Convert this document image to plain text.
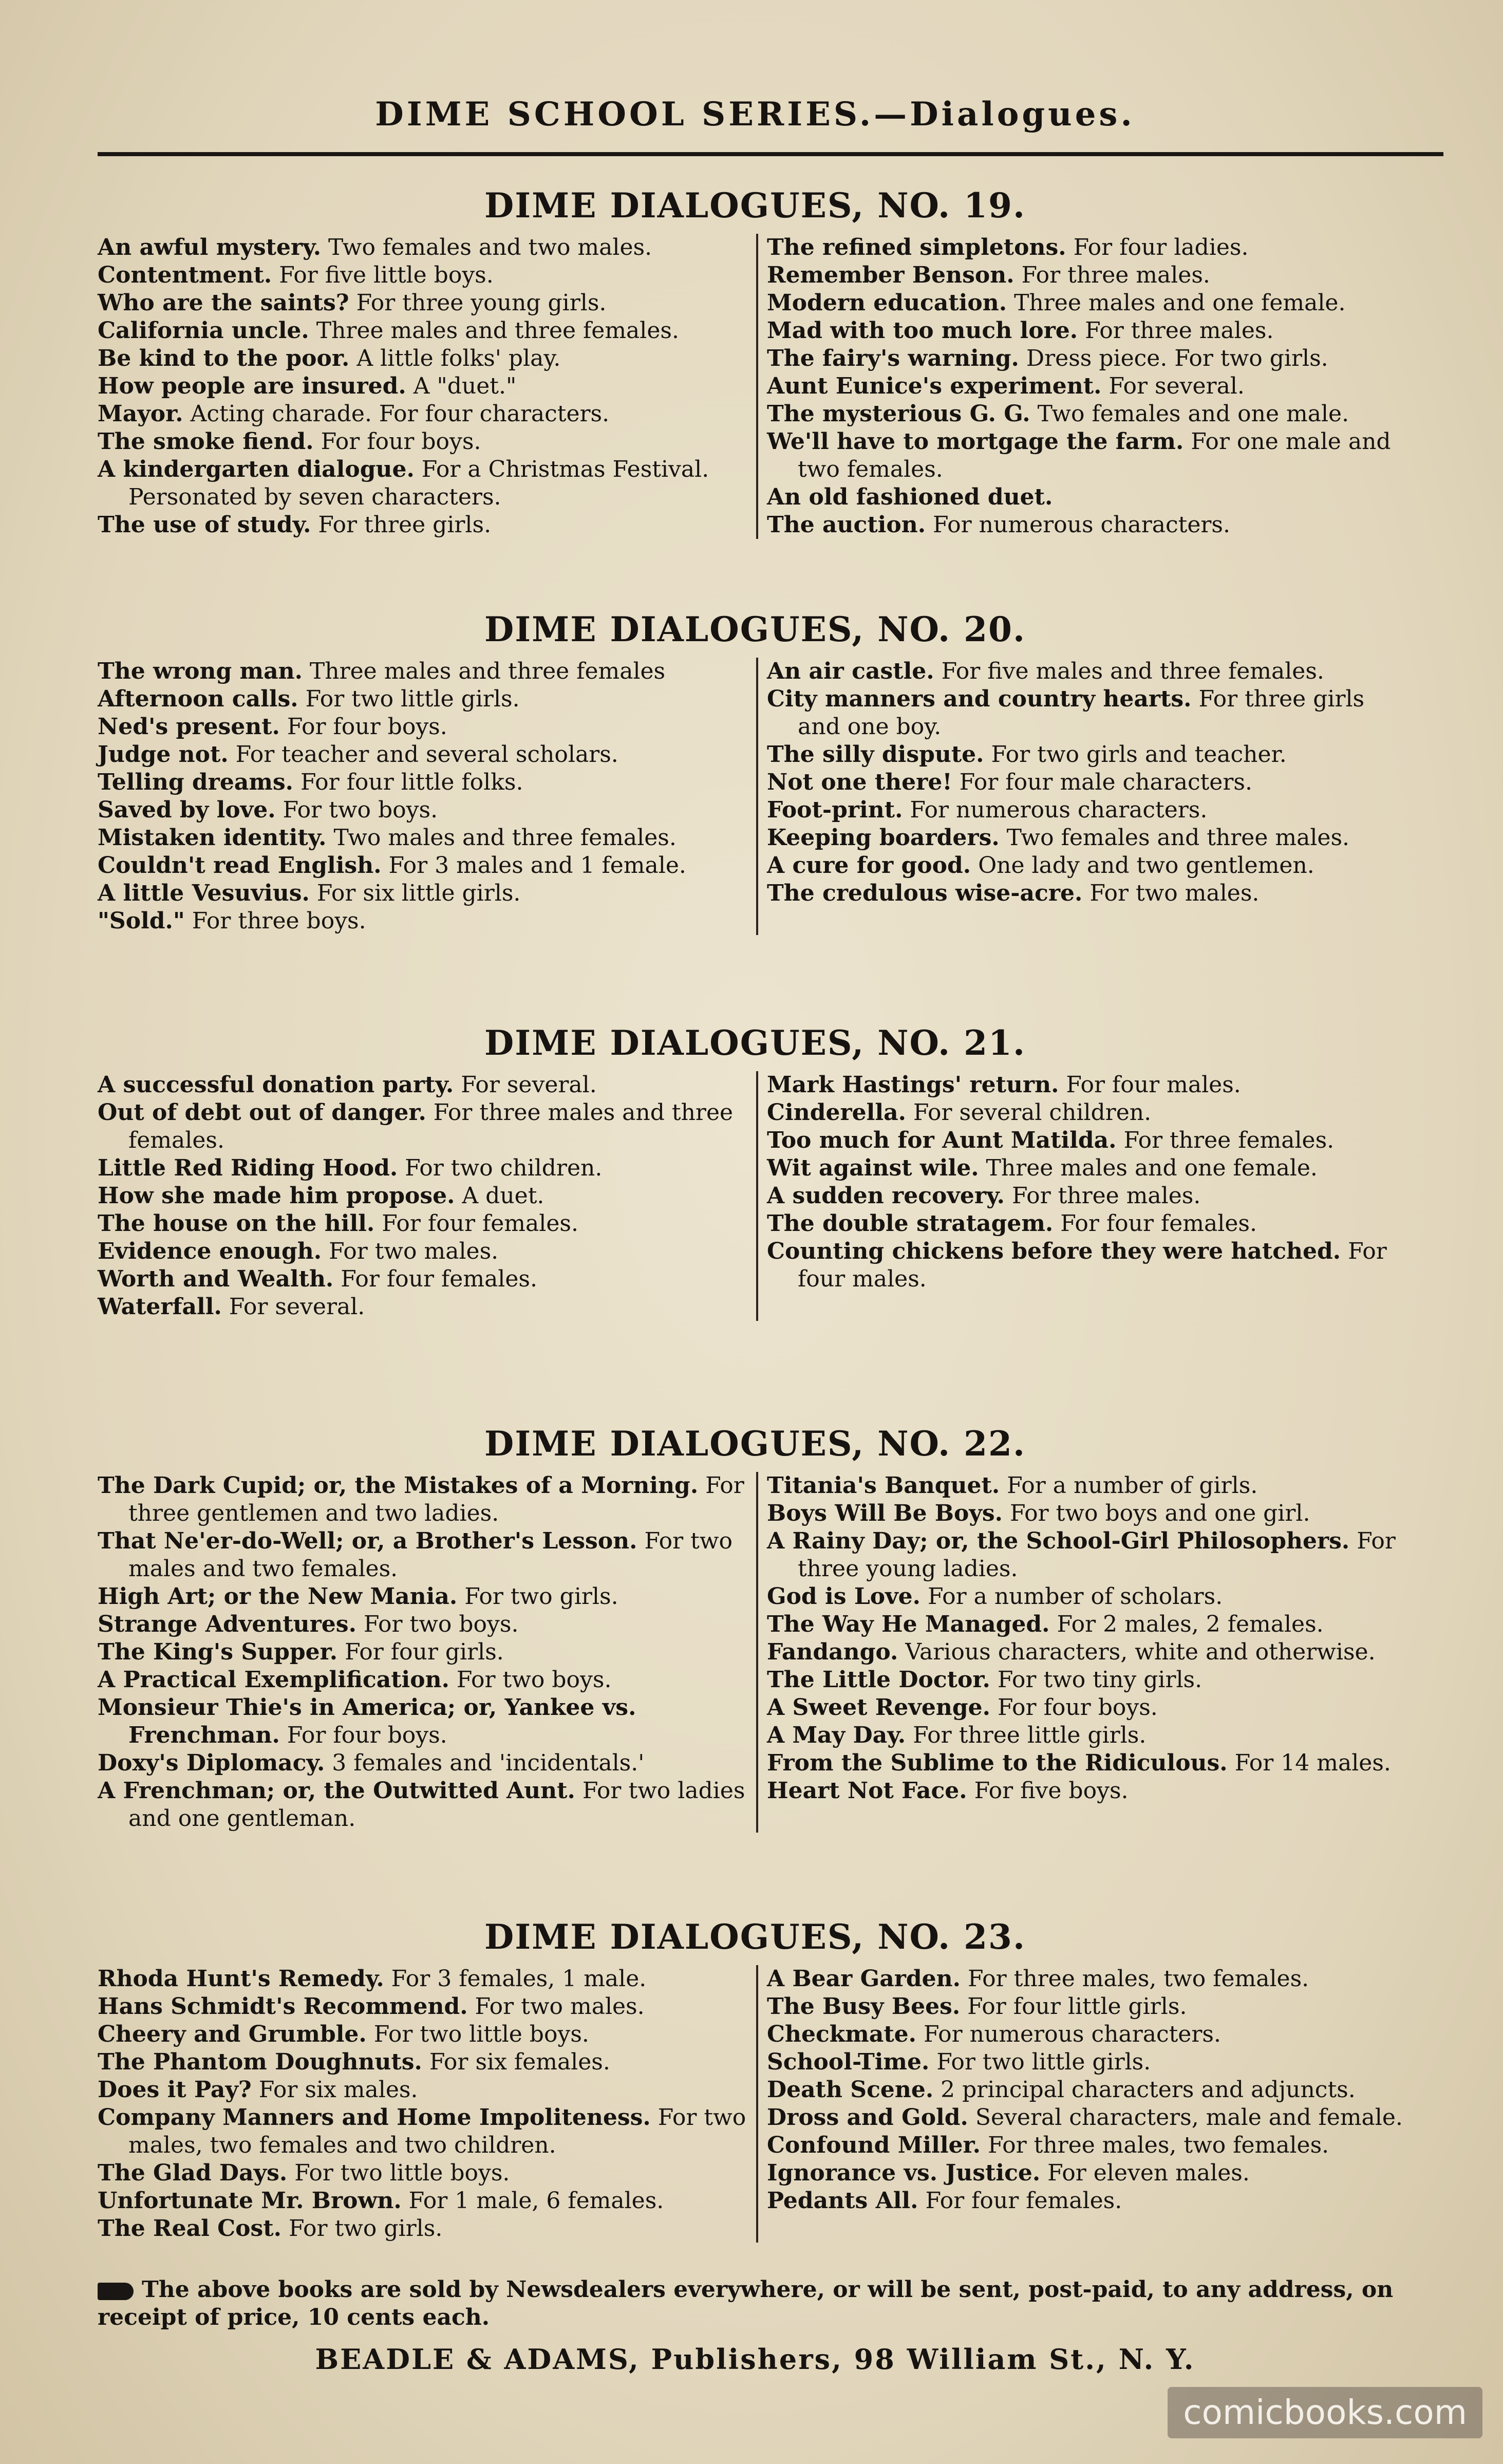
DIME SCHOOL SERIES.—Dialogues.
DIME DIALOGUES, NO. 19.
An awful mystery. Two females and two males.
Contentment. For five little boys.
Who are the saints? For three young girls.
California uncle. Three males and three females.
Be kind to the poor. A little folks' play.
How people are insured. A "duet."
Mayor. Acting charade. For four characters.
The smoke fiend. For four boys.
A kindergarten dialogue. For a Christmas Festival. Personated by seven characters.
The use of study. For three girls.
The refined simpletons. For four ladies.
Remember Benson. For three males.
Modern education. Three males and one female.
Mad with too much lore. For three males.
The fairy's warning. Dress piece. For two girls.
Aunt Eunice's experiment. For several.
The mysterious G. G. Two females and one male.
We'll have to mortgage the farm. For one male and two females.
An old fashioned duet.
The auction. For numerous characters.
DIME DIALOGUES, NO. 20.
The wrong man. Three males and three females
Afternoon calls. For two little girls.
Ned's present. For four boys.
Judge not. For teacher and several scholars.
Telling dreams. For four little folks.
Saved by love. For two boys.
Mistaken identity. Two males and three females.
Couldn't read English. For 3 males and 1 female.
A little Vesuvius. For six little girls.
"Sold." For three boys.
An air castle. For five males and three females.
City manners and country hearts. For three girls and one boy.
The silly dispute. For two girls and teacher.
Not one there! For four male characters.
Foot-print. For numerous characters.
Keeping boarders. Two females and three males.
A cure for good. One lady and two gentlemen.
The credulous wise-acre. For two males.
DIME DIALOGUES, NO. 21.
A successful donation party. For several.
Out of debt out of danger. For three males and three females.
Little Red Riding Hood. For two children.
How she made him propose. A duet.
The house on the hill. For four females.
Evidence enough. For two males.
Worth and Wealth. For four females.
Waterfall. For several.
Mark Hastings' return. For four males.
Cinderella. For several children.
Too much for Aunt Matilda. For three females.
Wit against wile. Three males and one female.
A sudden recovery. For three males.
The double stratagem. For four females.
Counting chickens before they were hatched. For four males.
DIME DIALOGUES, NO. 22.
The Dark Cupid; or, the Mistakes of a Morning. For three gentlemen and two ladies.
That Ne'er-do-Well; or, a Brother's Lesson. For two males and two females.
High Art; or the New Mania. For two girls.
Strange Adventures. For two boys.
The King's Supper. For four girls.
A Practical Exemplification. For two boys.
Monsieur Thie's in America; or, Yankee vs. Frenchman. For four boys.
Doxy's Diplomacy. 3 females and 'incidentals.'
A Frenchman; or, the Outwitted Aunt. For two ladies and one gentleman.
Titania's Banquet. For a number of girls.
Boys Will Be Boys. For two boys and one girl.
A Rainy Day; or, the School-Girl Philosophers. For three young ladies.
God is Love. For a number of scholars.
The Way He Managed. For 2 males, 2 females.
Fandango. Various characters, white and otherwise.
The Little Doctor. For two tiny girls.
A Sweet Revenge. For four boys.
A May Day. For three little girls.
From the Sublime to the Ridiculous. For 14 males.
Heart Not Face. For five boys.
DIME DIALOGUES, NO. 23.
Rhoda Hunt's Remedy. For 3 females, 1 male.
Hans Schmidt's Recommend. For two males.
Cheery and Grumble. For two little boys.
The Phantom Doughnuts. For six females.
Does it Pay? For six males.
Company Manners and Home Impoliteness. For two males, two females and two children.
The Glad Days. For two little boys.
Unfortunate Mr. Brown. For 1 male, 6 females.
The Real Cost. For two girls.
A Bear Garden. For three males, two females.
The Busy Bees. For four little girls.
Checkmate. For numerous characters.
School-Time. For two little girls.
Death Scene. 2 principal characters and adjuncts.
Dross and Gold. Several characters, male and female.
Confound Miller. For three males, two females.
Ignorance vs. Justice. For eleven males.
Pedants All. For four females.
The above books are sold by Newsdealers everywhere, or will be sent, post-paid, to any address, on receipt of price, 10 cents each.
BEADLE & ADAMS, Publishers, 98 William St., N. Y.
comicbooks.com
